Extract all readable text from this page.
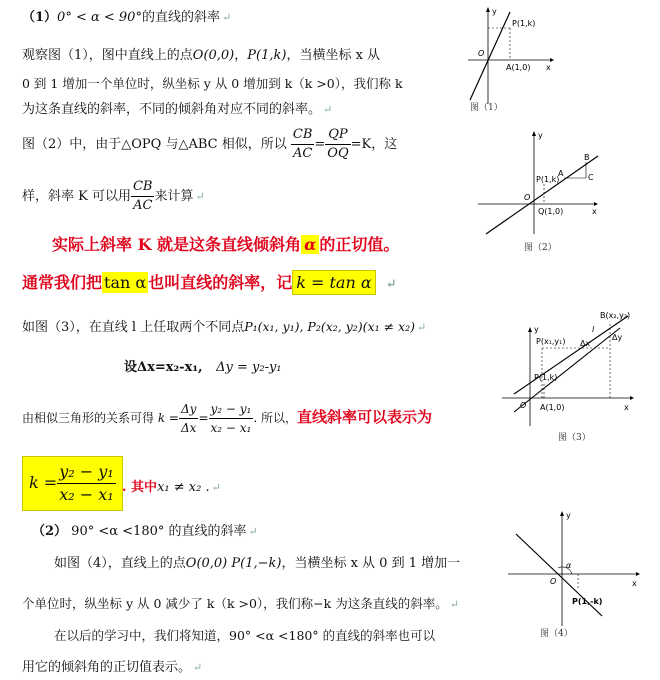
（1）0° < α < 90°的直线的斜率 ↵
观察图（1），图中直线上的点O(0,0)，P(1,k)，当横坐标 x 从
0 到 1 增加一个单位时，纵坐标 y 从 0 增加到 k（k >0），我们称 k
为这条直线的斜率，不同的倾斜角对应不同的斜率。 ↵
图（2）中，由于△OPQ 与△ABC 相似，所以 $\frac{CB}{AC} = \frac{QP}{OQ} =K$，这
样，斜率 K 可以用 $\frac{CB}{AC}$ 来计算 ↵
实际上斜率 K 就是这条直线倾斜角 α 的正切值。
通常我们把 tan α 也叫直线的斜率，记 k = tan α ↵
如图（3），在直线 l 上任取两个不同点P₁(x₁, y₁), P₂(x₂, y₂)(x₁ ≠ x₂) ↵
设Δx=x₂-x₁, Δy = y₂-y₁
由相似三角形的关系可得 $k = \frac{\Delta y}{\Delta x} = \frac{\text{y₂ − y₁}}{\text{x₂ − x₁}}$ . 所以，直线斜率可以表示为
$k = \frac{\text{y₂ − y₁}}{\text{x₂ − x₁}}$ . 其中x₁ ≠ x₂ . ↵
（2） 90° <α <180° 的直线的斜率 ↵
如图（4），直线上的点O(0,0) P(1,−k)，当横坐标 x 从 0 到 1 增加一
个单位时，纵坐标 y 从 0 减少了 k（k >0），我们称−k 为这条直线的斜率。 ↵
在以后的学习中，我们将知道，90° <α <180° 的直线的斜率也可以
用它的倾斜角的正切值表示。 ↵
y
x
O
P(1,k)
A(1,0)
图（1）
y
x
O
P(1,k)
Q(1,0)
A
B
C
图（2）
y
x
O
P(1,k)
A(1,0)
P(x₁,y₁)
B(x₂,y₂)
Δx
Δy
l
图（3）
y
x
O
α
P(1,-k)
图（4）
